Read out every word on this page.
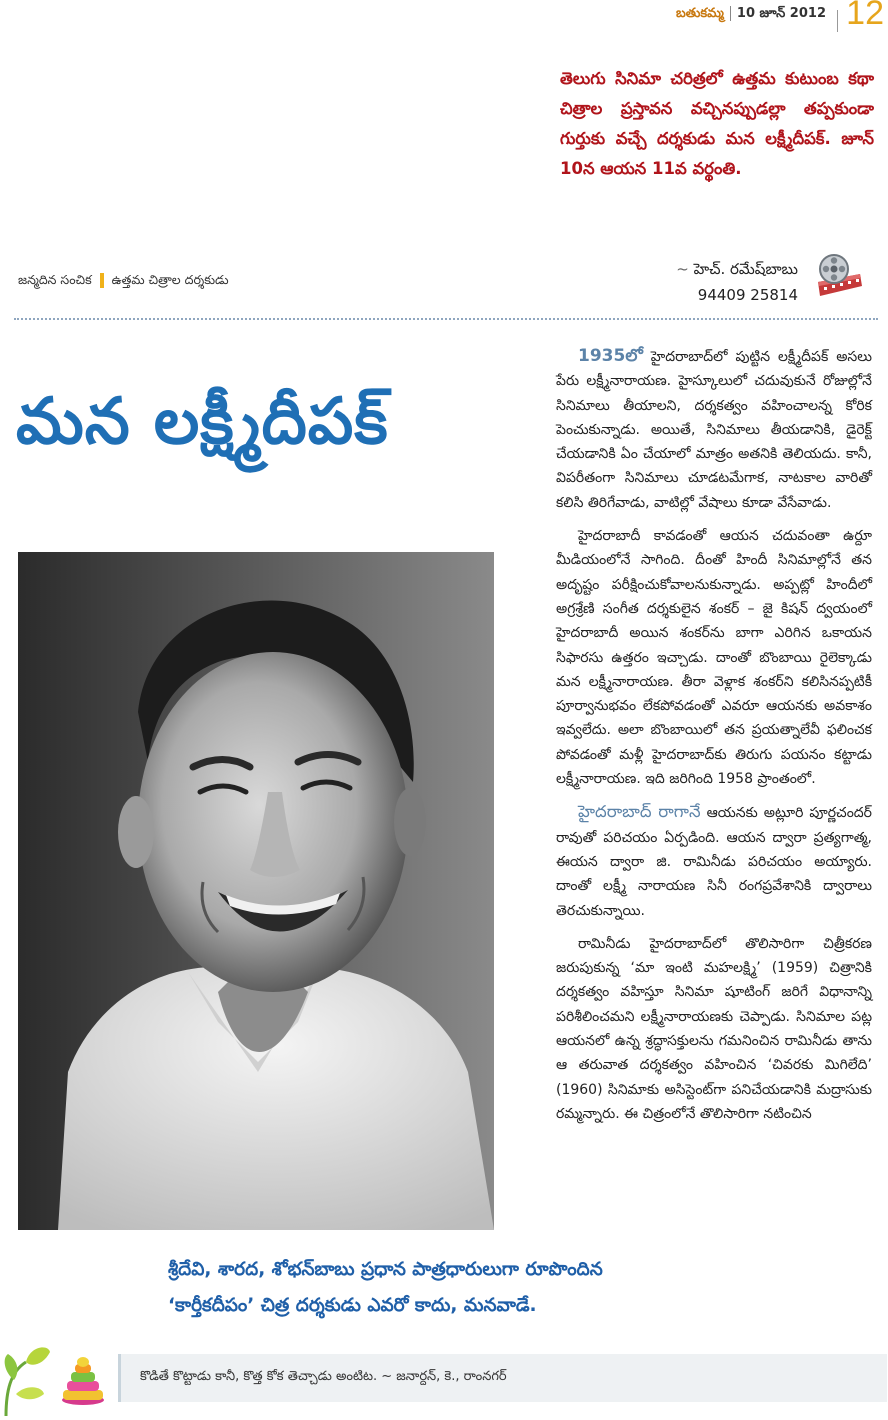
బతుకమ్మ 10 జూన్ 2012 12
తెలుగు సినిమా చరిత్రలో ఉత్తమ కుటుంబ కథా చిత్రాల ప్రస్తావన వచ్చినప్పుడల్లా తప్పకుండా గుర్తుకు వచ్చే దర్శకుడు మన లక్ష్మీదీపక్. జూన్ 10న ఆయన 11వ వర్థంతి.
జన్మదిన సంచిక ఉత్తమ చిత్రాల దర్శకుడు
~ హెచ్. రమేష్‌బాబు
94409 25814
మన లక్ష్మీదీపక్

1935లో హైదరాబాద్‌లో పుట్టిన లక్ష్మీదీపక్ అసలు పేరు లక్ష్మీనారాయణ. హైస్కూలులో చదువుకునే రోజుల్లోనే సినిమాలు తీయాలని, దర్శకత్వం వహించాలన్న కోరిక పెంచుకున్నాడు. అయితే, సినిమాలు తీయడానికి, డైరెక్ట్ చేయడానికి ఏం చేయాలో మాత్రం అతనికి తెలియదు. కానీ, విపరీతంగా సినిమాలు చూడటమేగాక, నాటకాల వారితో కలిసి తిరిగేవాడు, వాటిల్లో వేషాలు కూడా వేసేవాడు.

హైదరాబాదీ కావడంతో ఆయన చదువంతా ఉర్దూ మీడియంలోనే సాగింది. దీంతో హిందీ సినిమాల్లోనే తన అదృష్టం పరీక్షించుకోవాలనుకున్నాడు. అప్పట్లో హిందీలో అగ్రశ్రేణి సంగీత దర్శకులైన శంకర్ – జై కిషన్ ద్వయంలో హైదరాబాదీ అయిన శంకర్‌ను బాగా ఎరిగిన ఒకాయన సిఫారసు ఉత్తరం ఇచ్చాడు. దాంతో బొంబాయి రైలెక్కాడు మన లక్ష్మీనారాయణ. తీరా వెళ్లాక శంకర్‌ని కలిసినప్పటికీ పూర్వానుభవం లేకపోవడంతో ఎవరూ ఆయనకు అవకాశం ఇవ్వలేదు. అలా బొంబాయిలో తన ప్రయత్నాలేవీ ఫలించక పోవడంతో మళ్లీ హైదరాబాద్‌కు తిరుగు పయనం కట్టాడు లక్ష్మీనారాయణ. ఇది జరిగింది 1958 ప్రాంతంలో.

హైదరాబాద్ రాగానే ఆయనకు అట్లూరి పూర్ణచందర్ రావుతో పరిచయం ఏర్పడింది. ఆయన ద్వారా ప్రత్యగాత్మ, ఈయన ద్వారా జి. రామినీడు పరిచయం అయ్యారు. దాంతో లక్ష్మీ నారాయణ సినీ రంగప్రవేశానికి ద్వారాలు తెరచుకున్నాయి.

రామినీడు హైదరాబాద్‌లో తొలిసారిగా చిత్రీకరణ జరుపుకున్న ‘మా ఇంటి మహలక్ష్మి’ (1959) చిత్రానికి దర్శకత్వం వహిస్తూ సినిమా షూటింగ్ జరిగే విధానాన్ని పరిశీలించమని లక్ష్మీనారాయణకు చెప్పాడు. సినిమాల పట్ల ఆయనలో ఉన్న శ్రద్ధాసక్తులను గమనించిన రామినీడు తాను ఆ తరువాత దర్శకత్వం వహించిన ‘చివరకు మిగిలేది’ (1960) సినిమాకు అసిస్టెంట్‌గా పనిచేయడానికి మద్రాసుకు రమ్మన్నారు. ఈ చిత్రంలోనే తొలిసారిగా నటించిన

శ్రీదేవి, శారద, శోభన్‌బాబు ప్రధాన పాత్రధారులుగా రూపొందిన
‘కార్తీకదీపం’ చిత్ర దర్శకుడు ఎవరో కాదు, మనవాడే.
కొడితే కొట్టాడు కానీ, కొత్త కోక తెచ్చాడు అంటిట. ~ జనార్దన్, కె., రాంనగర్
